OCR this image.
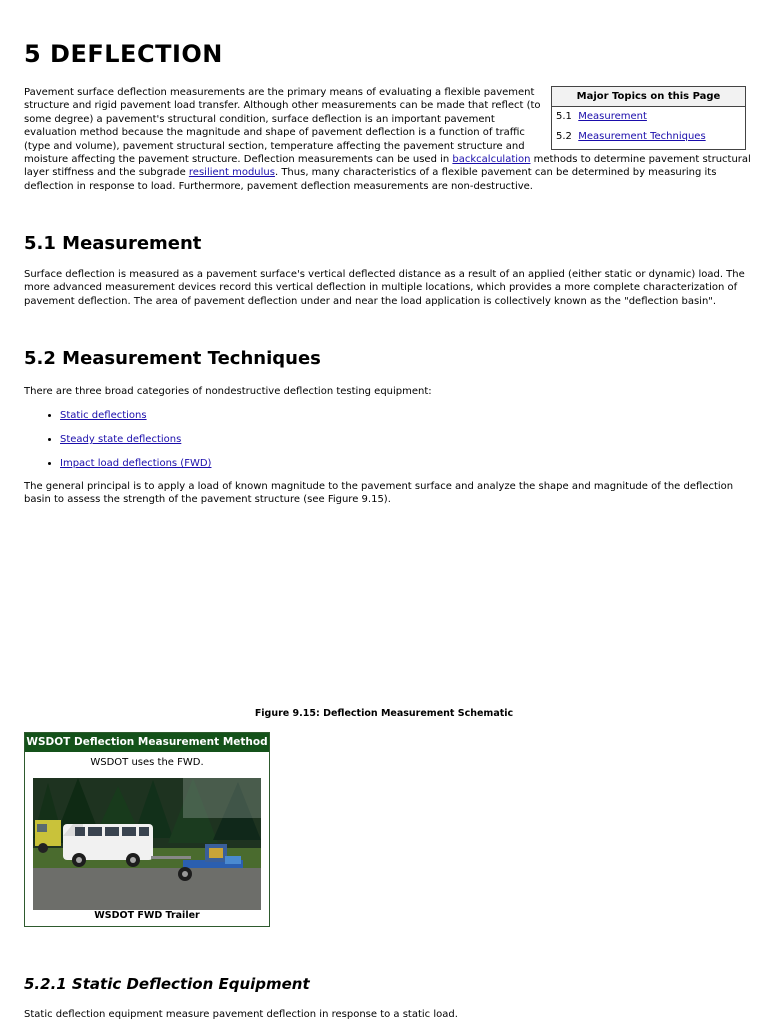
5 DEFLECTION
Pavement surface deflection measurements are the primary means of evaluating a flexible pavement
structure and rigid pavement load transfer. Although other measurements can be made that reflect (to
some degree) a pavement's structural condition, surface deflection is an important pavement
evaluation method because the magnitude and shape of pavement deflection is a function of traffic
(type and volume), pavement structural section, temperature affecting the pavement structure and
moisture affecting the pavement structure. Deflection measurements can be used in backcalculation methods to determine pavement structural
layer stiffness and the subgrade resilient modulus. Thus, many characteristics of a flexible pavement can be determined by measuring its
deflection in response to load. Furthermore, pavement deflection measurements are non-destructive.
Major Topics on this Page
5.1 Measurement
5.2 Measurement Techniques
5.1 Measurement
Surface deflection is measured as a pavement surface's vertical deflected distance as a result of an applied (either static or dynamic) load. The
more advanced measurement devices record this vertical deflection in multiple locations, which provides a more complete characterization of
pavement deflection. The area of pavement deflection under and near the load application is collectively known as the "deflection basin".
5.2 Measurement Techniques
There are three broad categories of nondestructive deflection testing equipment:
• Static deflections
• Steady state deflections
• Impact load deflections (FWD)
The general principal is to apply a load of known magnitude to the pavement surface and analyze the shape and magnitude of the deflection
basin to assess the strength of the pavement structure (see Figure 9.15).
Figure 9.15: Deflection Measurement Schematic
WSDOT Deflection Measurement Method
WSDOT uses the FWD.
WSDOT FWD Trailer
5.2.1 Static Deflection Equipment
Static deflection equipment measure pavement deflection in response to a static load.
